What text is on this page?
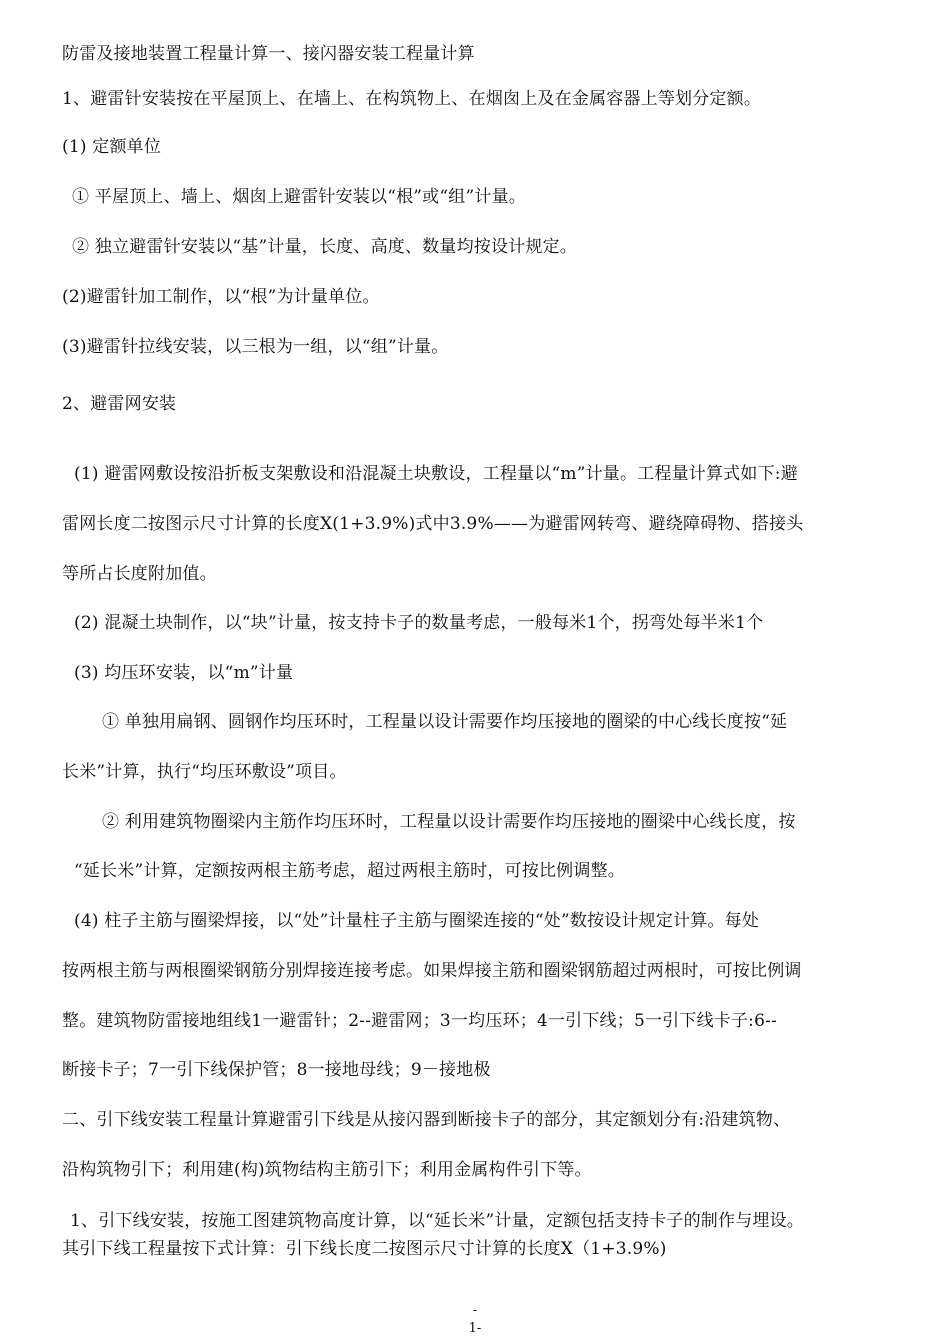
防雷及接地装置工程量计算一、接闪器安装工程量计算
1、避雷针安装按在平屋顶上、在墙上、在构筑物上、在烟囱上及在金属容器上等划分定额。
(1) 定额单位
① 平屋顶上、墙上、烟囱上避雷针安装以“根”或“组”计量。
② 独立避雷针安装以“基”计量，长度、高度、数量均按设计规定。
(2)避雷针加工制作，以“根”为计量单位。
(3)避雷针拉线安装，以三根为一组，以“组”计量。
2、避雷网安装
(1) 避雷网敷设按沿折板支架敷设和沿混凝土块敷设，工程量以“m”计量。工程量计算式如下:避
雷网长度二按图示尺寸计算的长度X(1+3.9%)式中3.9%——为避雷网转弯、避绕障碍物、搭接头
等所占长度附加值。
(2) 混凝土块制作，以“块”计量，按支持卡子的数量考虑，一般每米1个，拐弯处每半米1个
(3) 均压环安装，以“m”计量
① 单独用扁钢、圆钢作均压环时，工程量以设计需要作均压接地的圈梁的中心线长度按“延
长米”计算，执行“均压环敷设”项目。
② 利用建筑物圈梁内主筋作均压环时，工程量以设计需要作均压接地的圈梁中心线长度，按
“延长米”计算，定额按两根主筋考虑，超过两根主筋时，可按比例调整。
(4) 柱子主筋与圈梁焊接，以“处”计量柱子主筋与圈梁连接的“处”数按设计规定计算。每处
按两根主筋与两根圈梁钢筋分别焊接连接考虑。如果焊接主筋和圈梁钢筋超过两根时，可按比例调
整。建筑物防雷接地组线1一避雷针；2--避雷网；3一均压环；4一引下线；5一引下线卡子:6--
断接卡子；7一引下线保护管；8一接地母线；9－接地极
二、引下线安装工程量计算避雷引下线是从接闪器到断接卡子的部分，其定额划分有:沿建筑物、
沿构筑物引下；利用建(构)筑物结构主筋引下；利用金属构件引下等。
1、引下线安装，按施工图建筑物高度计算，以“延长米”计量，定额包括支持卡子的制作与埋设。
其引下线工程量按下式计算：引下线长度二按图示尺寸计算的长度X（1+3.9%)
-
1-
